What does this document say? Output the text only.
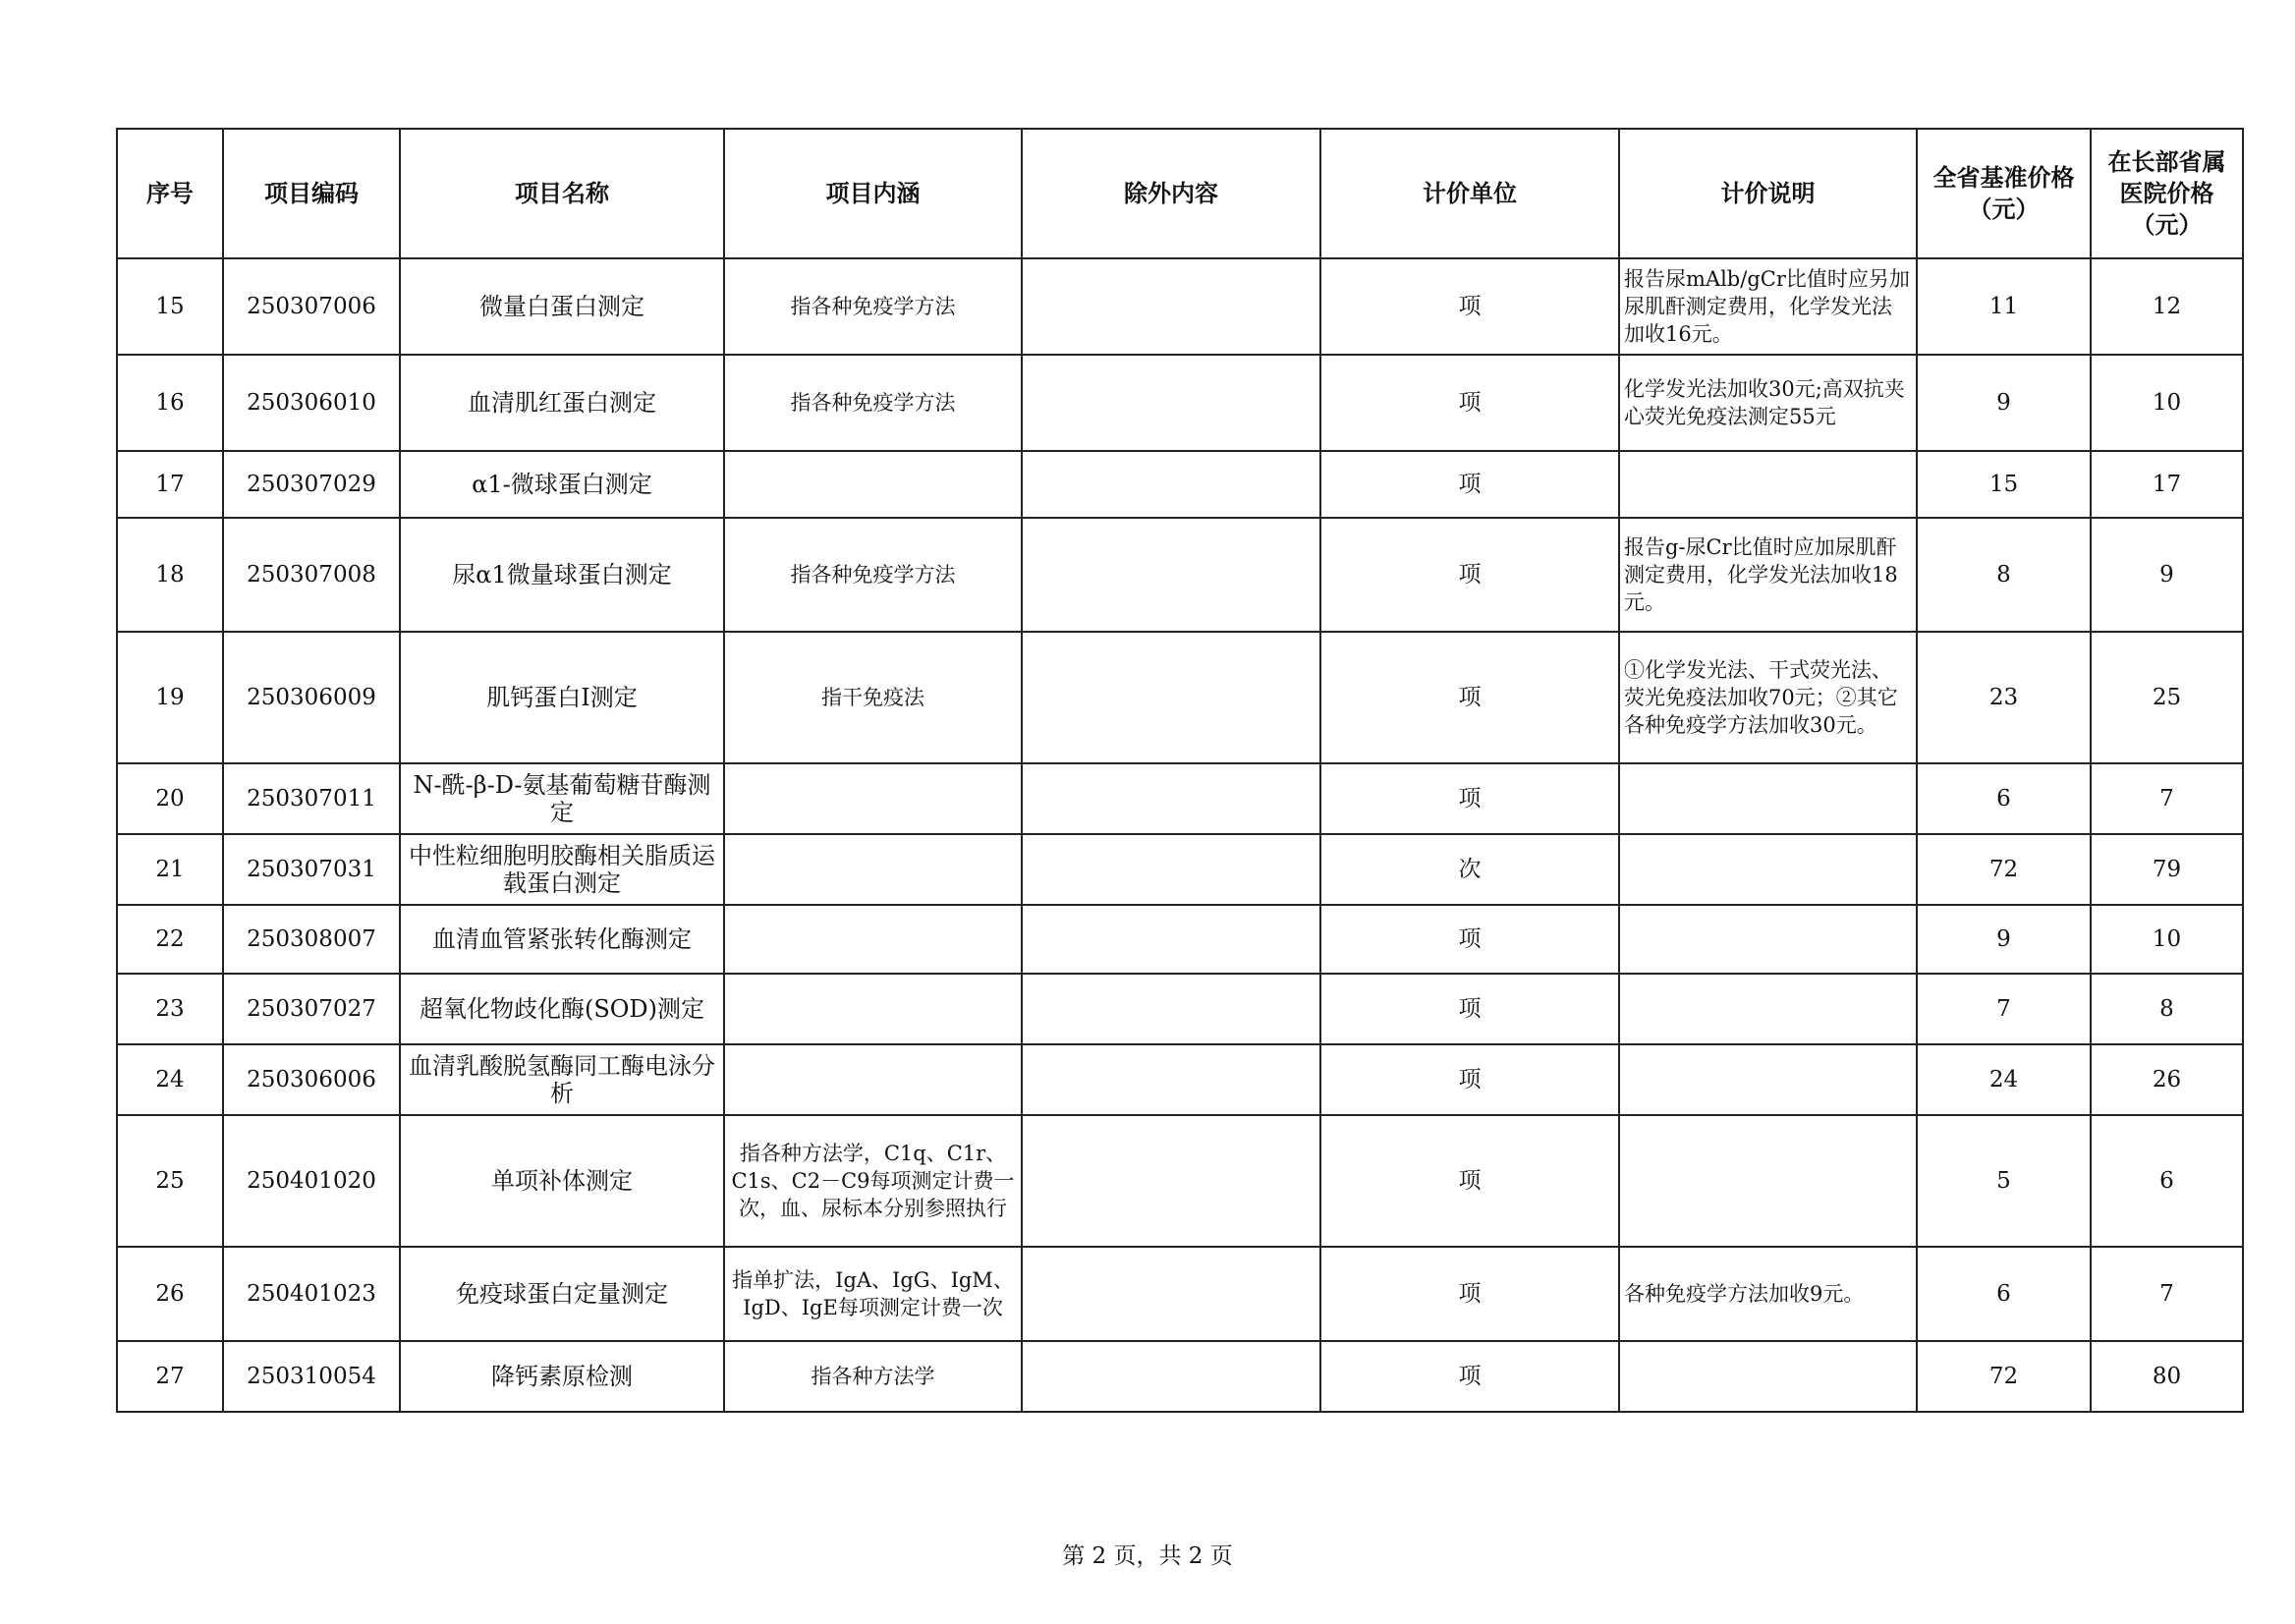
序号	项目编码	项目名称	项目内涵	除外内容	计价单位	计价说明	全省基准价格（元）	在长部省属医院价格（元）
15	250307006	微量白蛋白测定	指各种免疫学方法		项	报告尿mAlb/gCr比值时应另加尿肌酐测定费用，化学发光法加收16元。	11	12
16	250306010	血清肌红蛋白测定	指各种免疫学方法		项	化学发光法加收30元;高双抗夹心荧光免疫法测定55元	9	10
17	250307029	α1-微球蛋白测定			项		15	17
18	250307008	尿α1微量球蛋白测定	指各种免疫学方法		项	报告g-尿Cr比值时应加尿肌酐测定费用，化学发光法加收18元。	8	9
19	250306009	肌钙蛋白Ⅰ测定	指干免疫法		项	①化学发光法、干式荧光法、荧光免疫法加收70元；②其它各种免疫学方法加收30元。	23	25
20	250307011	N-酰-β-D-氨基葡萄糖苷酶测定			项		6	7
21	250307031	中性粒细胞明胶酶相关脂质运载蛋白测定			次		72	79
22	250308007	血清血管紧张转化酶测定			项		9	10
23	250307027	超氧化物歧化酶(SOD)测定			项		7	8
24	250306006	血清乳酸脱氢酶同工酶电泳分析			项		24	26
25	250401020	单项补体测定	指各种方法学，C1q、C1r、C1s、C2－C9每项测定计费一次，血、尿标本分别参照执行		项		5	6
26	250401023	免疫球蛋白定量测定	指单扩法，IgA、IgG、IgM、IgD、IgE每项测定计费一次		项	各种免疫学方法加收9元。	6	7
27	250310054	降钙素原检测	指各种方法学		项		72	80
第 2 页，共 2 页
